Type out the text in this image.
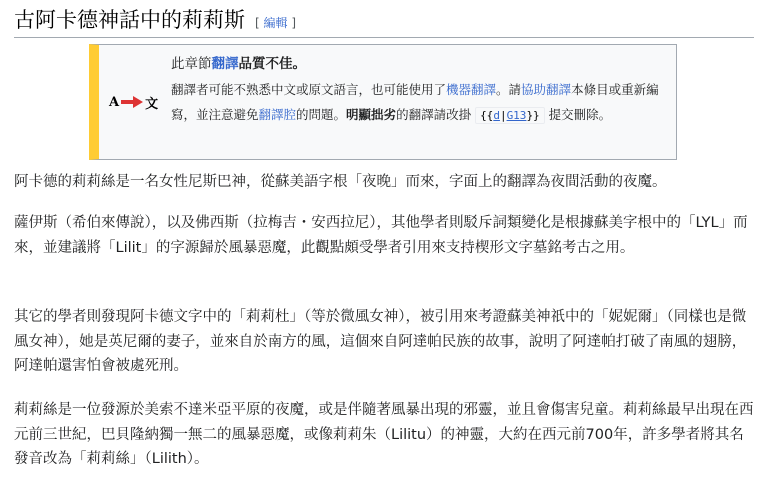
古阿卡德神話中的莉莉斯 [ 編輯 ]
A 文
此章節翻譯品質不佳。
翻譯者可能不熟悉中文或原文語言，也可能使用了機器翻譯。請協助翻譯本條目或重新編寫，並注意避免翻譯腔的問題。明顯拙劣的翻譯請改掛 {{d|G13}} 提交刪除。

阿卡德的莉莉絲是一名女性尼斯巴神，從蘇美語字根「夜晚」而來，字面上的翻譯為夜間活動的夜魔。

薩伊斯（希伯來傳說），以及佛西斯（拉梅吉・安西拉尼），其他學者則駁斥詞類變化是根據蘇美字根中的「LYL」而來，並建議將「Lilit」的字源歸於風暴惡魔，此觀點頗受學者引用來支持楔形文字墓銘考古之用。

其它的學者則發現阿卡德文字中的「莉莉杜」（等於微風女神），被引用來考證蘇美神祇中的「妮妮爾」（同樣也是微風女神），她是英尼爾的妻子，並來自於南方的風，這個來自阿達帕民族的故事，說明了阿達帕打破了南風的翅膀，阿達帕還害怕會被處死刑。

莉莉絲是一位發源於美索不達米亞平原的夜魔，或是伴隨著風暴出現的邪靈，並且會傷害兒童。莉莉絲最早出現在西元前三世紀，巴貝隆納獨一無二的風暴惡魔，或像莉莉朱（Lilitu）的神靈，大約在西元前700年，許多學者將其名發音改為「莉莉絲」（Lilith）。
